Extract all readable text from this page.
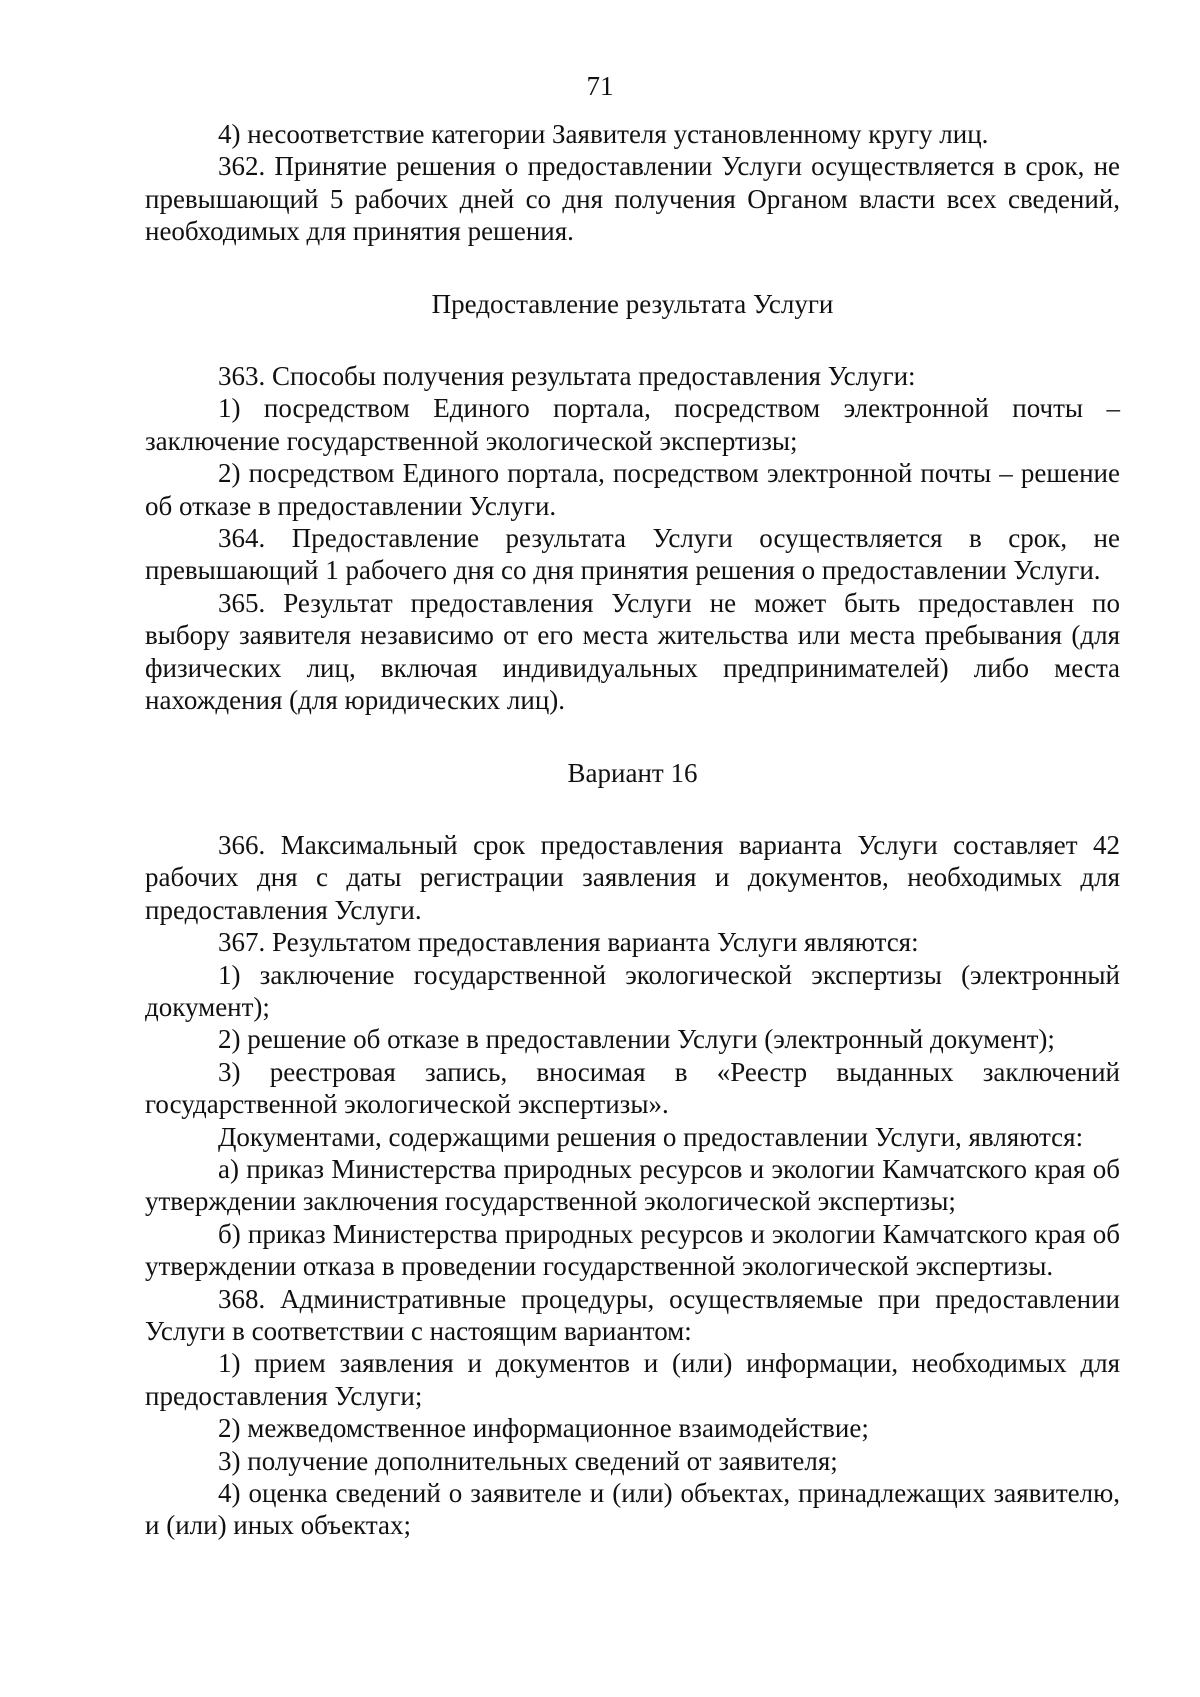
71

4) несоответствие категории Заявителя установленному кругу лиц.

362. Принятие решения о предоставлении Услуги осуществляется в срок, не превышающий 5 рабочих дней со дня получения Органом власти всех сведений, необходимых для принятия решения.

Предоставление результата Услуги

363. Способы получения результата предоставления Услуги:

1) посредством Единого портала, посредством электронной почты – заключение государственной экологической экспертизы;

2) посредством Единого портала, посредством электронной почты – решение об отказе в предоставлении Услуги.

364. Предоставление результата Услуги осуществляется в срок, не превышающий 1 рабочего дня со дня принятия решения о предоставлении Услуги.

365. Результат предоставления Услуги не может быть предоставлен по выбору заявителя независимо от его места жительства или места пребывания (для физических лиц, включая индивидуальных предпринимателей) либо места нахождения (для юридических лиц).

Вариант 16

366. Максимальный срок предоставления варианта Услуги составляет 42 рабочих дня с даты регистрации заявления и документов, необходимых для предоставления Услуги.

367. Результатом предоставления варианта Услуги являются:

1) заключение государственной экологической экспертизы (электронный документ);

2) решение об отказе в предоставлении Услуги (электронный документ);

3) реестровая запись, вносимая в «Реестр выданных заключений государственной экологической экспертизы».

Документами, содержащими решения о предоставлении Услуги, являются:

а) приказ Министерства природных ресурсов и экологии Камчатского края об утверждении заключения государственной экологической экспертизы;

б) приказ Министерства природных ресурсов и экологии Камчатского края об утверждении отказа в проведении государственной экологической экспертизы.

368. Административные процедуры, осуществляемые при предоставлении Услуги в соответствии с настоящим вариантом:

1) прием заявления и документов и (или) информации, необходимых для предоставления Услуги;

2) межведомственное информационное взаимодействие;

3) получение дополнительных сведений от заявителя;

4) оценка сведений о заявителе и (или) объектах, принадлежащих заявителю, и (или) иных объектах;
